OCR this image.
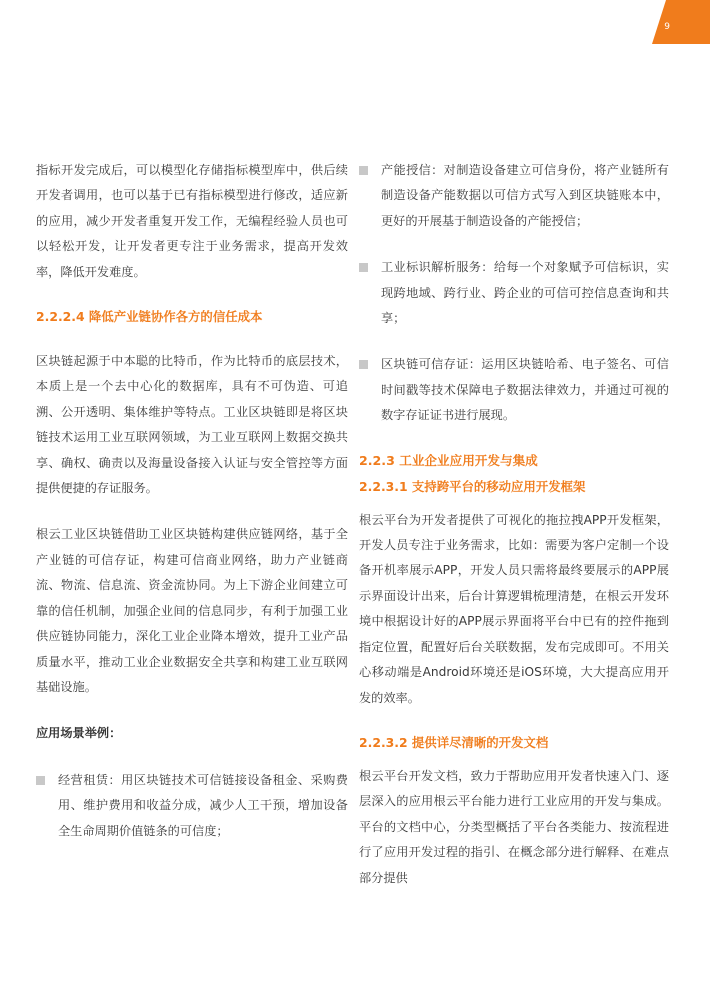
9

指标开发完成后，可以模型化存储指标模型库中，供后续开发者调用，也可以基于已有指标模型进行修改，适应新的应用，减少开发者重复开发工作，无编程经验人员也可以轻松开发，让开发者更专注于业务需求，提高开发效率，降低开发难度。

2.2.2.4 降低产业链协作各方的信任成本

区块链起源于中本聪的比特币，作为比特币的底层技术，本质上是一个去中心化的数据库，具有不可伪造、可追溯、公开透明、集体维护等特点。工业区块链即是将区块链技术运用工业互联网领域，为工业互联网上数据交换共享、确权、确责以及海量设备接入认证与安全管控等方面提供便捷的存证服务。

根云工业区块链借助工业区块链构建供应链网络，基于全产业链的可信存证，构建可信商业网络，助力产业链商流、物流、信息流、资金流协同。为上下游企业间建立可靠的信任机制，加强企业间的信息同步，有利于加强工业供应链协同能力，深化工业企业降本增效，提升工业产品质量水平，推动工业企业数据安全共享和构建工业互联网基础设施。

应用场景举例：

经营租赁：用区块链技术可信链接设备租金、采购费用、维护费用和收益分成，减少人工干预，增加设备全生命周期价值链条的可信度；
产能授信：对制造设备建立可信身份，将产业链所有制造设备产能数据以可信方式写入到区块链账本中，更好的开展基于制造设备的产能授信；
工业标识解析服务：给每一个对象赋予可信标识，实现跨地域、跨行业、跨企业的可信可控信息查询和共享；
区块链可信存证：运用区块链哈希、电子签名、可信时间戳等技术保障电子数据法律效力，并通过可视的数字存证证书进行展现。

2.2.3 工业企业应用开发与集成

2.2.3.1 支持跨平台的移动应用开发框架

根云平台为开发者提供了可视化的拖拉拽APP开发框架，开发人员专注于业务需求，比如：需要为客户定制一个设备开机率展示APP，开发人员只需将最终要展示的APP展示界面设计出来，后台计算逻辑梳理清楚，在根云开发环境中根据设计好的APP展示界面将平台中已有的控件拖到指定位置，配置好后台关联数据，发布完成即可。不用关心移动端是Android环境还是iOS环境，大大提高应用开发的效率。

2.2.3.2 提供详尽清晰的开发文档

根云平台开发文档，致力于帮助应用开发者快速入门、逐层深入的应用根云平台能力进行工业应用的开发与集成。平台的文档中心，分类型概括了平台各类能力、按流程进行了应用开发过程的指引、在概念部分进行解释、在难点部分提供
